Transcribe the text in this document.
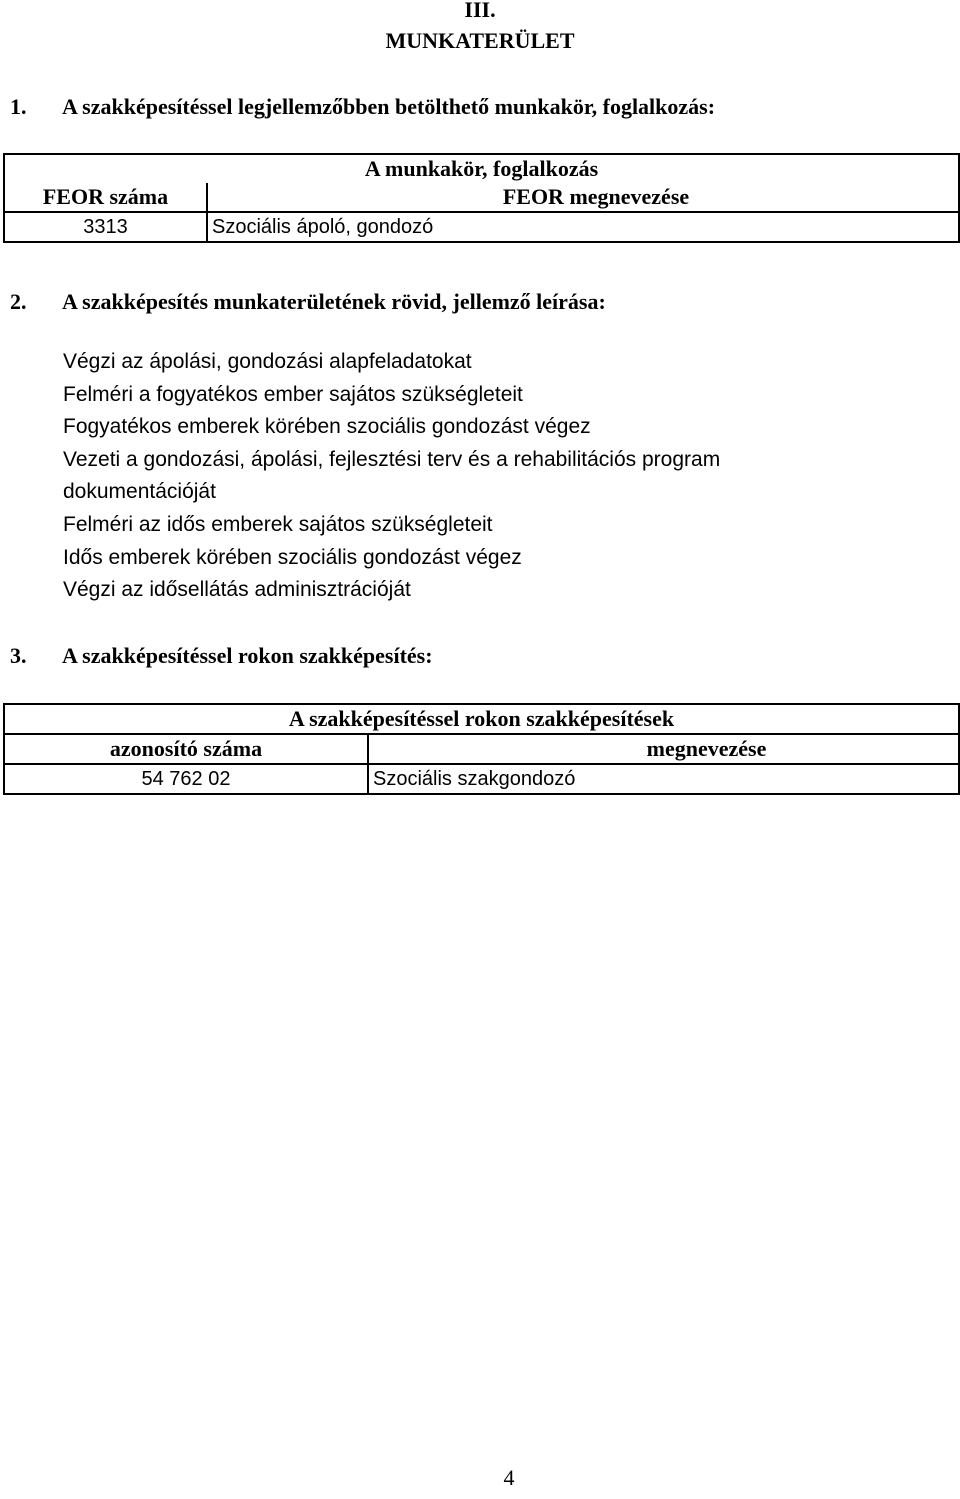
III.
MUNKATERÜLET
1. A szakképesítéssel legjellemzőbben betölthető munkakör, foglalkozás:
A munkakör, foglalkozás	
FEOR száma	FEOR megnevezése
3313	Szociális ápoló, gondozó
2. A szakképesítés munkaterületének rövid, jellemző leírása:
Végzi az ápolási, gondozási alapfeladatokat
Felméri a fogyatékos ember sajátos szükségleteit
Fogyatékos emberek körében szociális gondozást végez
Vezeti a gondozási, ápolási, fejlesztési terv és a rehabilitációs program
dokumentációját
Felméri az idős emberek sajátos szükségleteit
Idős emberek körében szociális gondozást végez
Végzi az idősellátás adminisztrációját
3. A szakképesítéssel rokon szakképesítés:
A szakképesítéssel rokon szakképesítések	
azonosító száma	megnevezése
54 762 02	Szociális szakgondozó
4
